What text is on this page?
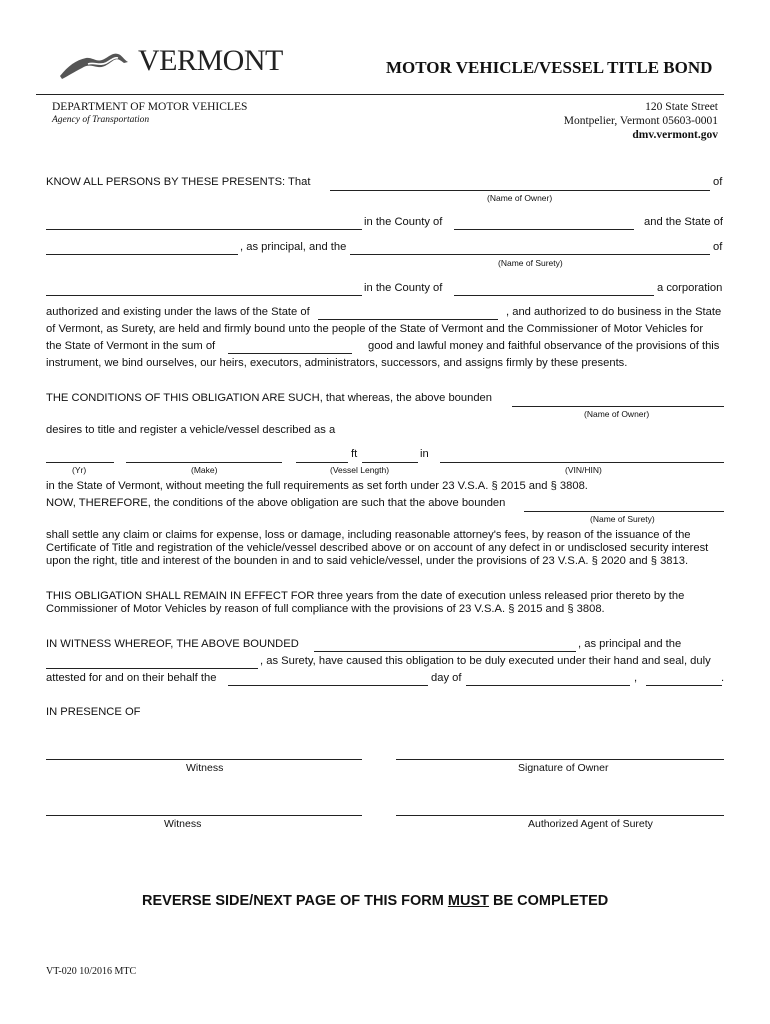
VERMONT	MOTOR VEHICLE/VESSEL TITLE BOND
DEPARTMENT OF MOTOR VEHICLES
Agency of Transportation
120 State Street
Montpelier, Vermont 05603-0001
dmv.vermont.gov
KNOW ALL PERSONS BY THESE PRESENTS: That	of
(Name of Owner)
in the County of	and the State of
, as principal, and the	of
(Name of Surety)
in the County of	a corporation
authorized and existing under the laws of the State of	, and authorized to do business in the State
of Vermont, as Surety, are held and firmly bound unto the people of the State of Vermont and the Commissioner of Motor Vehicles for
the State of Vermont in the sum of	good and lawful money and faithful observance of the provisions of this
instrument, we bind ourselves, our heirs, executors, administrators, successors, and assigns firmly by these presents.
THE CONDITIONS OF THIS OBLIGATION ARE SUCH, that whereas, the above bounden
(Name of Owner)
desires to title and register a vehicle/vessel described as a
ft	in
(Yr)	(Make)	(Vessel Length)	(VIN/HIN)
in the State of Vermont, without meeting the full requirements as set forth under 23 V.S.A. § 2015 and § 3808.
NOW, THEREFORE, the conditions of the above obligation are such that the above bounden
(Name of Surety)
shall settle any claim or claims for expense, loss or damage, including reasonable attorney's fees, by reason of the issuance of the
Certificate of Title and registration of the vehicle/vessel described above or on account of any defect in or undisclosed security interest
upon the right, title and interest of the bounden in and to said vehicle/vessel, under the provisions of 23 V.S.A. § 2020 and § 3813.
THIS OBLIGATION SHALL REMAIN IN EFFECT FOR three years from the date of execution unless released prior thereto by the
Commissioner of Motor Vehicles by reason of full compliance with the provisions of 23 V.S.A. § 2015 and § 3808.
IN WITNESS WHEREOF, THE ABOVE BOUNDED	, as principal and the
, as Surety, have caused this obligation to be duly executed under their hand and seal, duly
attested for and on their behalf the	day of	,	.
IN PRESENCE OF
Witness	Signature of Owner
Witness	Authorized Agent of Surety
REVERSE SIDE/NEXT PAGE OF THIS FORM MUST BE COMPLETED
VT-020 10/2016 MTC
